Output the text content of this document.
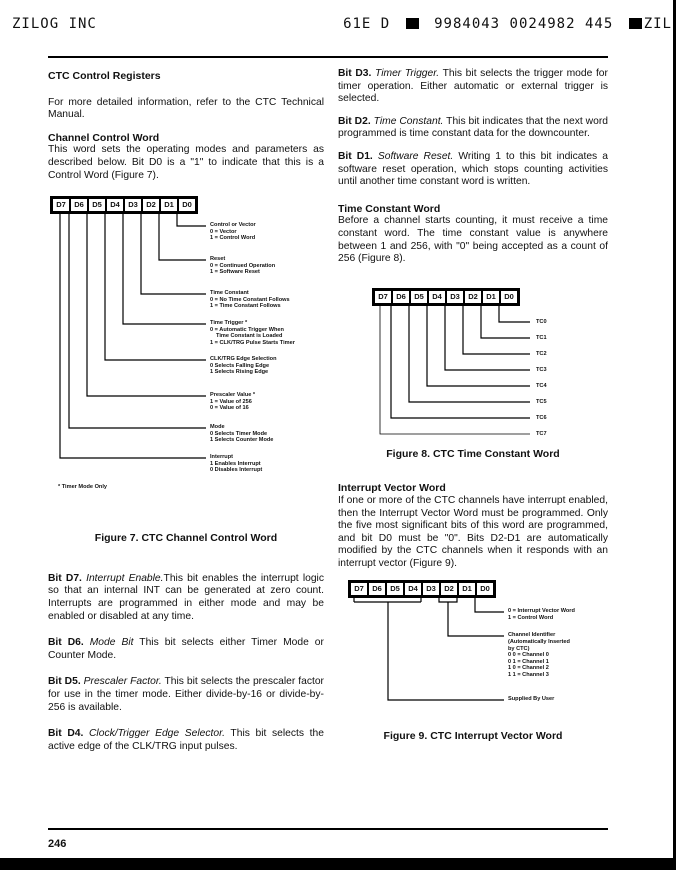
ZILOG INC	61E D	9984043 0024982 445 ZIL
CTC Control Registers

For more detailed information, refer to the CTC Technical Manual.

Channel Control Word

This word sets the operating modes and parameters as described below. Bit D0 is a "1" to indicate that this is a Control Word (Figure 7).

D7	D6	D5	D4	D3	D2	D1	D0
Control or Vector
0 = Vector
1 = Control Word
Reset
0 = Continued Operation
1 = Software Reset
Time Constant
0 = No Time Constant Follows
1 = Time Constant Follows
Time Trigger *
0 = Automatic Trigger When
Time Constant is Loaded
1 = CLK/TRG Pulse Starts Timer
CLK/TRG Edge Selection
0 Selects Falling Edge
1 Selects Rising Edge
Prescaler Value *
1 = Value of 256
0 = Value of 16
Mode
0 Selects Timer Mode
1 Selects Counter Mode
Interrupt
1 Enables Interrupt
0 Disables Interrupt
* Timer Mode Only
Figure 7. CTC Channel Control Word

Bit D7. Interrupt Enable.This bit enables the interrupt logic so that an internal INT can be generated at zero count. Interrupts are programmed in either mode and may be enabled or disabled at any time.

Bit D6. Mode Bit This bit selects either Timer Mode or Counter Mode.

Bit D5. Prescaler Factor. This bit selects the prescaler factor for use in the timer mode. Either divide-by-16 or divide-by-256 is available.

Bit D4. Clock/Trigger Edge Selector. This bit selects the active edge of the CLK/TRG input pulses.

Bit D3. Timer Trigger. This bit selects the trigger mode for timer operation. Either automatic or external trigger is selected.

Bit D2. Time Constant. This bit indicates that the next word programmed is time constant data for the downcounter.

Bit D1. Software Reset. Writing 1 to this bit indicates a software reset operation, which stops counting activities until another time constant word is written.

Time Constant Word

Before a channel starts counting, it must receive a time constant word. The time constant value is anywhere between 1 and 256, with "0" being accepted as a count of 256 (Figure 8).

D7	D6	D5	D4	D3	D2	D1	D0
TC0
TC1
TC2
TC3
TC4
TC5
TC6
TC7
Figure 8. CTC Time Constant Word
Interrupt Vector Word

If one or more of the CTC channels have interrupt enabled, then the Interrupt Vector Word must be programmed. Only the five most significant bits of this word are programmed, and bit D0 must be "0". Bits D2-D1 are automatically modified by the CTC channels when it responds with an interrupt vector (Figure 9).

D7	D6	D5	D4	D3	D2	D1	D0
0 = Interrupt Vector Word
1 = Control Word
Channel Identifier
(Automatically Inserted
by CTC)
0 0 = Channel 0
0 1 = Channel 1
1 0 = Channel 2
1 1 = Channel 3
Supplied By User
Figure 9. CTC Interrupt Vector Word
246
